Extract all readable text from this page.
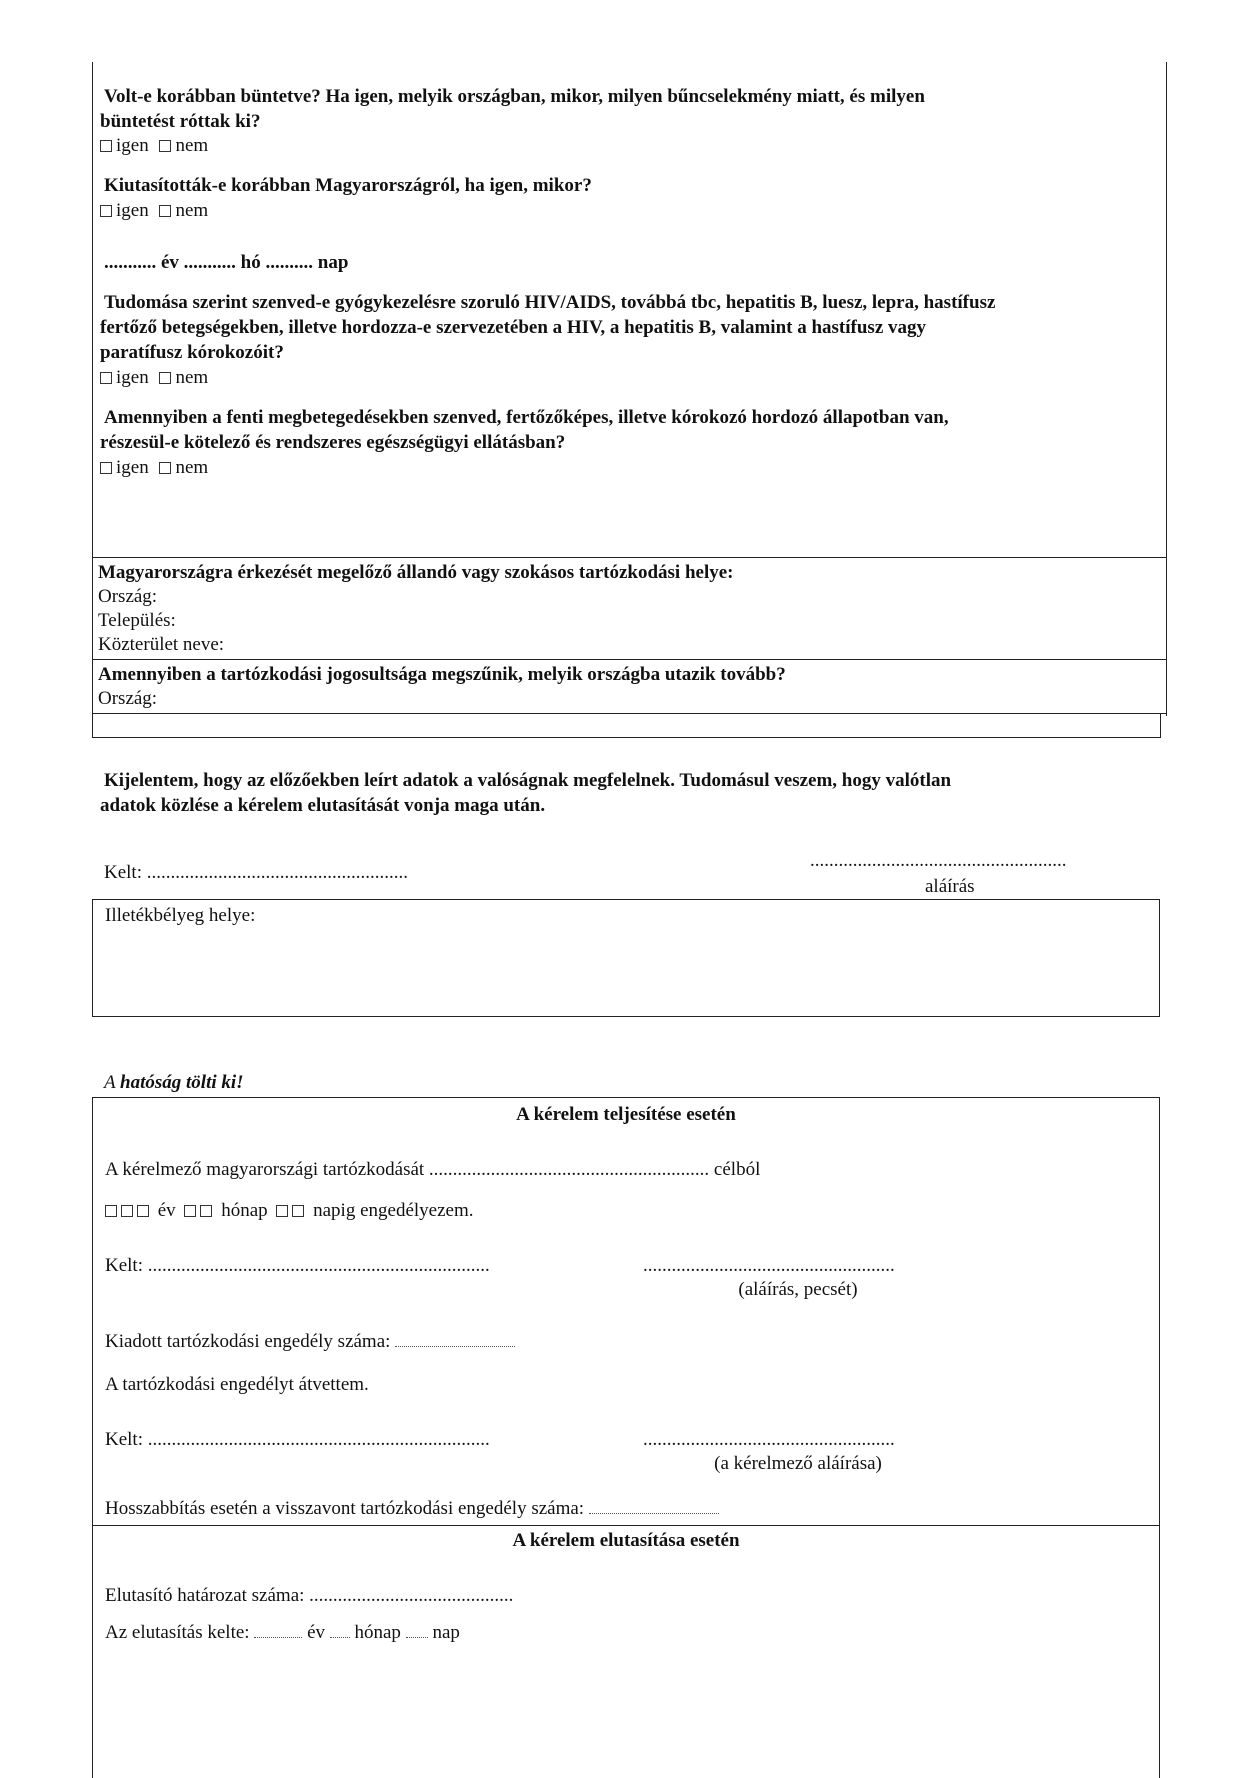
Volt-e korábban büntetve? Ha igen, melyik országban, mikor, milyen bűncselekmény miatt, és milyen
büntetést róttak ki?
igen nem
Kiutasították-e korábban Magyarországról, ha igen, mikor?
igen nem
........... év ........... hó .......... nap
Tudomása szerint szenved-e gyógykezelésre szoruló HIV/AIDS, továbbá tbc, hepatitis B, luesz, lepra, hastífusz
fertőző betegségekben, illetve hordozza-e szervezetében a HIV, a hepatitis B, valamint a hastífusz vagy
paratífusz kórokozóit?
igen nem
Amennyiben a fenti megbetegedésekben szenved, fertőzőképes, illetve kórokozó hordozó állapotban van,
részesül-e kötelező és rendszeres egészségügyi ellátásban?
igen nem
Magyarországra érkezését megelőző állandó vagy szokásos tartózkodási helye:
Ország:
Település:
Közterület neve:
Amennyiben a tartózkodási jogosultsága megszűnik, melyik országba utazik tovább?
Ország:
Kijelentem, hogy az előzőekben leírt adatok a valóságnak megfelelnek. Tudomásul veszem, hogy valótlan
adatok közlése a kérelem elutasítását vonja maga után.
Kelt: .......................................................
......................................................
aláírás
Illetékbélyeg helye:
A hatóság tölti ki!
A kérelem teljesítése esetén
A kérelmező magyarországi tartózkodását ........................................................... célból
év hónap napig engedélyezem.
Kelt: ........................................................................	.....................................................
(aláírás, pecsét)
Kiadott tartózkodási engedély száma:
A tartózkodási engedélyt átvettem.
Kelt: ........................................................................	.....................................................
(a kérelmező aláírása)
Hosszabbítás esetén a visszavont tartózkodási engedély száma:
A kérelem elutasítása esetén
Elutasító határozat száma: ...........................................
Az elutasítás kelte:	év hónap nap
